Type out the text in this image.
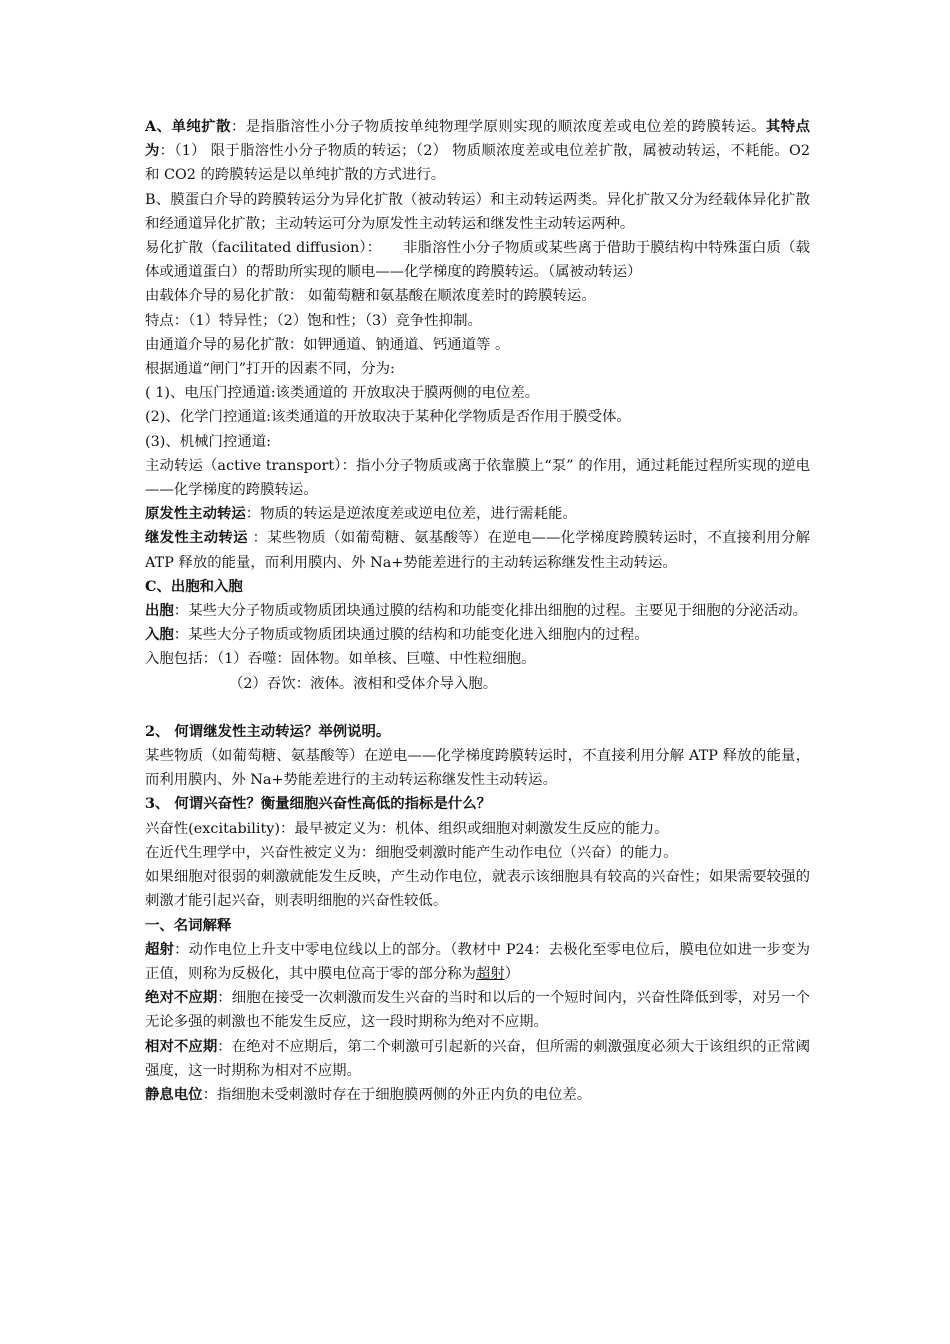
A、单纯扩散：是指脂溶性小分子物质按单纯物理学原则实现的顺浓度差或电位差的跨膜转运。其特点为：（1） 限于脂溶性小分子物质的转运；（2） 物质顺浓度差或电位差扩散，属被动转运，不耗能。O2 和 CO2 的跨膜转运是以单纯扩散的方式进行。

B、膜蛋白介导的跨膜转运分为异化扩散（被动转运）和主动转运两类。异化扩散又分为经载体异化扩散和经通道异化扩散；主动转运可分为原发性主动转运和继发性主动转运两种。

易化扩散（facilitated diffusion）：　　非脂溶性小分子物质或某些离于借助于膜结构中特殊蛋白质（载体或通道蛋白）的帮助所实现的顺电——化学梯度的跨膜转运。（属被动转运）

由载体介导的易化扩散： 如葡萄糖和氨基酸在顺浓度差时的跨膜转运。

特点：（1）特异性；（2）饱和性；（3）竞争性抑制。

由通道介导的易化扩散：如钾通道、钠通道、钙通道等 。

根据通道“闸门”打开的因素不同，分为:

( 1)、电压门控通道:该类通道的 开放取决于膜两侧的电位差。

(2)、化学门控通道:该类通道的开放取决于某种化学物质是否作用于膜受体。

(3)、机械门控通道:

主动转运（active transport）：指小分子物质或离于依靠膜上“泵” 的作用，通过耗能过程所实现的逆电——化学梯度的跨膜转运。

原发性主动转运：物质的转运是逆浓度差或逆电位差，进行需耗能。

继发性主动转运 ：某些物质（如葡萄糖、氨基酸等）在逆电——化学梯度跨膜转运时，不直接利用分解 ATP 释放的能量，而利用膜内、外 Na+势能差进行的主动转运称继发性主动转运。

C、出胞和入胞

出胞：某些大分子物质或物质团块通过膜的结构和功能变化排出细胞的过程。主要见于细胞的分泌活动。

入胞：某些大分子物质或物质团块通过膜的结构和功能变化进入细胞内的过程。

入胞包括：（1）吞噬：固体物。如单核、巨噬、中性粒细胞。

（2）吞饮：液体。液相和受体介导入胞。

2、 何谓继发性主动转运？举例说明。

某些物质（如葡萄糖、氨基酸等）在逆电——化学梯度跨膜转运时，不直接利用分解 ATP 释放的能量，而利用膜内、外 Na+势能差进行的主动转运称继发性主动转运。

3、 何谓兴奋性？衡量细胞兴奋性高低的指标是什么？

兴奋性(excitability)：最早被定义为：机体、组织或细胞对刺激发生反应的能力。

在近代生理学中，兴奋性被定义为：细胞受刺激时能产生动作电位（兴奋）的能力。

如果细胞对很弱的刺激就能发生反映，产生动作电位，就表示该细胞具有较高的兴奋性；如果需要较强的刺激才能引起兴奋，则表明细胞的兴奋性较低。

一、名词解释

超射：动作电位上升支中零电位线以上的部分。（教材中 P24：去极化至零电位后，膜电位如进一步变为正值，则称为反极化，其中膜电位高于零的部分称为超射）

绝对不应期：细胞在接受一次刺激而发生兴奋的当时和以后的一个短时间内，兴奋性降低到零，对另一个无论多强的刺激也不能发生反应，这一段时期称为绝对不应期。

相对不应期：在绝对不应期后，第二个刺激可引起新的兴奋，但所需的刺激强度必须大于该组织的正常阈强度，这一时期称为相对不应期。

静息电位：指细胞未受刺激时存在于细胞膜两侧的外正内负的电位差。
